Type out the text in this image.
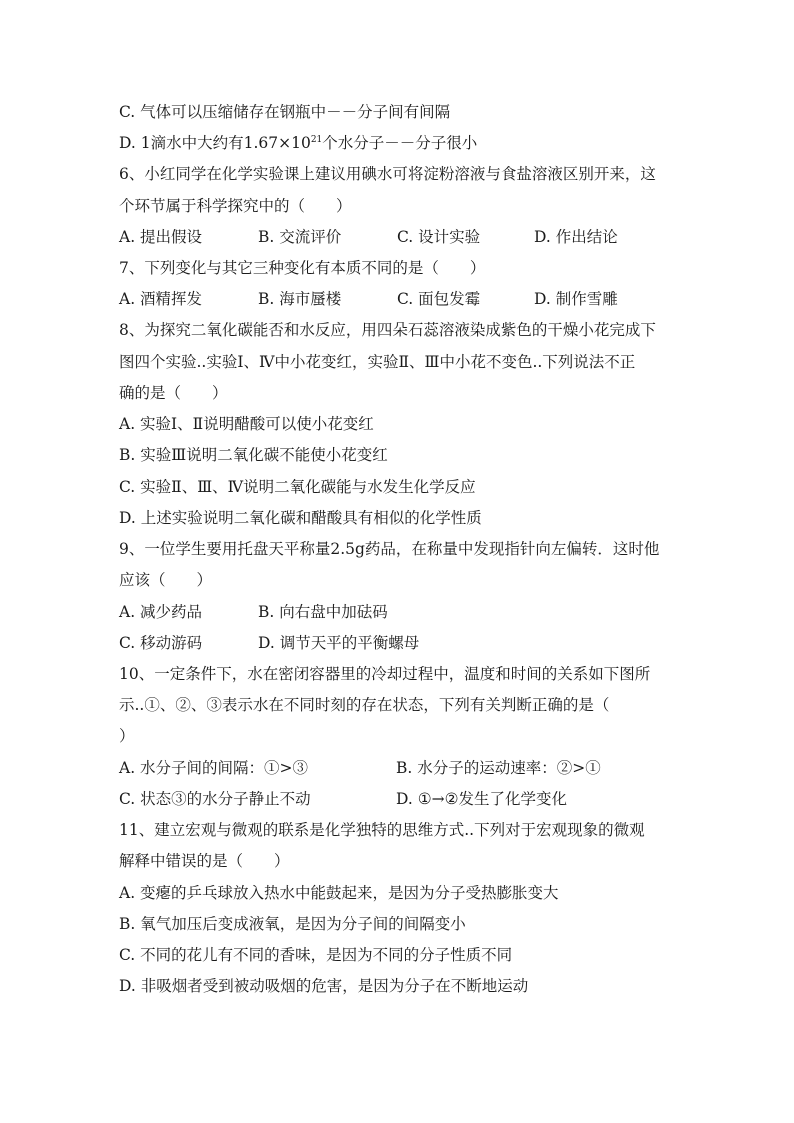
C. 气体可以压缩储存在钢瓶中－－分子间有间隔
D. 1滴水中大约有$1.67\times 10^{21}$个水分子－－分子很小
6、小红同学在化学实验课上建议用碘水可将淀粉溶液与食盐溶液区别开来，这
个环节属于科学探究中的（　　）
A. 提出假设	B. 交流评价	C. 设计实验	D. 作出结论
7、下列变化与其它三种变化有本质不同的是（　　）
A. 酒精挥发	B. 海市蜃楼	C. 面包发霉	D. 制作雪雕
8、为探究二氧化碳能否和水反应，用四朵石蕊溶液染成紫色的干燥小花完成下
图四个实验..实验Ⅰ、Ⅳ中小花变红，实验Ⅱ、Ⅲ中小花不变色..下列说法不正
确的是（　　）
A. 实验Ⅰ、Ⅱ说明醋酸可以使小花变红
B. 实验Ⅲ说明二氧化碳不能使小花变红
C. 实验Ⅱ、Ⅲ、Ⅳ说明二氧化碳能与水发生化学反应
D. 上述实验说明二氧化碳和醋酸具有相似的化学性质
9、一位学生要用托盘天平称量2.5g药品，在称量中发现指针向左偏转．这时他
应该（　　）
A. 减少药品	B. 向右盘中加砝码
C. 移动游码	D. 调节天平的平衡螺母
10、一定条件下，水在密闭容器里的冷却过程中，温度和时间的关系如下图所
示..①、②、③表示水在不同时刻的存在状态，下列有关判断正确的是（
）
A. 水分子间的间隔：①>③	B. 水分子的运动速率：②>①
C. 状态③的水分子静止不动	D. ①→②发生了化学变化
11、建立宏观与微观的联系是化学独特的思维方式..下列对于宏观现象的微观
解释中错误的是（　　）
A. 变瘪的乒乓球放入热水中能鼓起来，是因为分子受热膨胀变大
B. 氧气加压后变成液氧，是因为分子间的间隔变小
C. 不同的花儿有不同的香味，是因为不同的分子性质不同
D. 非吸烟者受到被动吸烟的危害，是因为分子在不断地运动
